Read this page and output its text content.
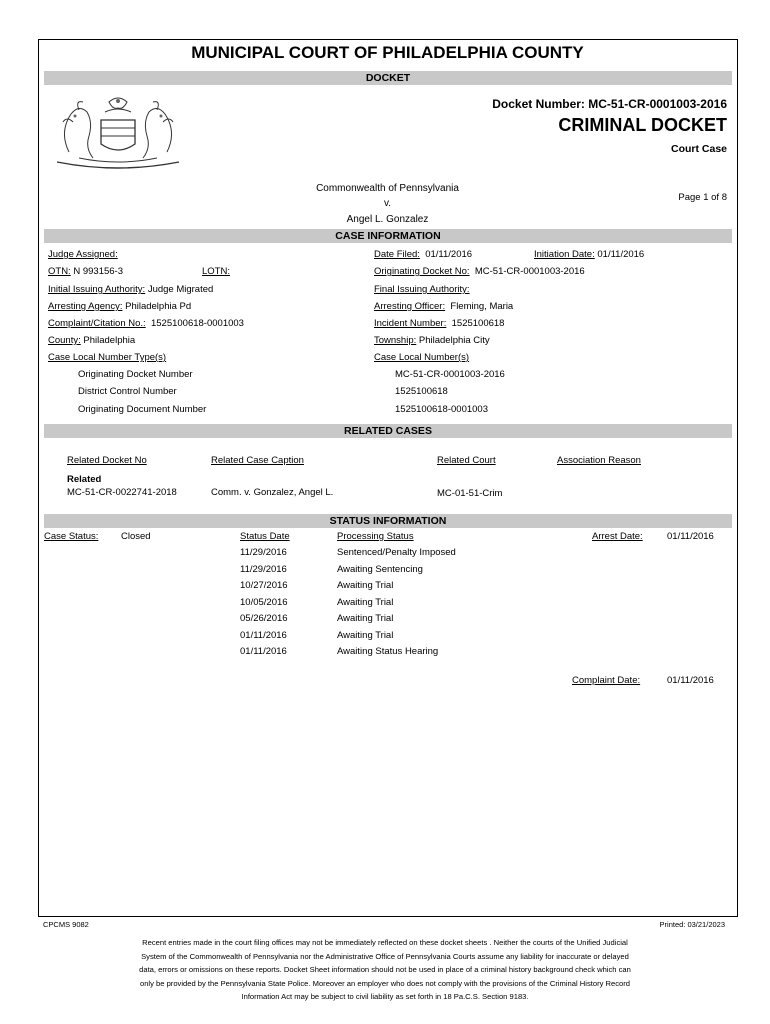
MUNICIPAL COURT OF PHILADELPHIA COUNTY
DOCKET
Docket Number: MC-51-CR-0001003-2016
CRIMINAL DOCKET
Court Case
Commonwealth of Pennsylvania
v.
Angel L. Gonzalez
Page 1 of 8
CASE INFORMATION
Judge Assigned:	Date Filed: 01/11/2016	Initiation Date: 01/11/2016
OTN: N 993156-3	LOTN:	Originating Docket No: MC-51-CR-0001003-2016
Initial Issuing Authority: Judge Migrated	Final Issuing Authority:
Arresting Agency: Philadelphia Pd	Arresting Officer: Fleming, Maria
Complaint/Citation No.: 1525100618-0001003	Incident Number: 1525100618
County: Philadelphia	Township: Philadelphia City
Case Local Number Type(s)	Case Local Number(s)
Originating Docket Number	MC-51-CR-0001003-2016
District Control Number	1525100618
Originating Document Number	1525100618-0001003
RELATED CASES
Related Docket No	Related Case Caption	Related Court	Association Reason
Related
MC-51-CR-0022741-2018	Comm. v. Gonzalez, Angel L.	MC-01-51-Crim
STATUS INFORMATION
Case Status: Closed	Status Date	Processing Status	Arrest Date:	01/11/2016
11/29/2016	Sentenced/Penalty Imposed
11/29/2016	Awaiting Sentencing
10/27/2016	Awaiting Trial
10/05/2016	Awaiting Trial
05/26/2016	Awaiting Trial
01/11/2016	Awaiting Trial
01/11/2016	Awaiting Status Hearing
Complaint Date:	01/11/2016
CPCMS 9082	Printed: 03/21/2023
Recent entries made in the court filing offices may not be immediately reflected on these docket sheets . Neither the courts of the Unified Judicial
System of the Commonwealth of Pennsylvania nor the Administrative Office of Pennsylvania Courts assume any liability for inaccurate or delayed
data, errors or omissions on these reports. Docket Sheet information should not be used in place of a criminal history background check which can
only be provided by the Pennsylvania State Police. Moreover an employer who does not comply with the provisions of the Criminal History Record
Information Act may be subject to civil liability as set forth in 18 Pa.C.S. Section 9183.
